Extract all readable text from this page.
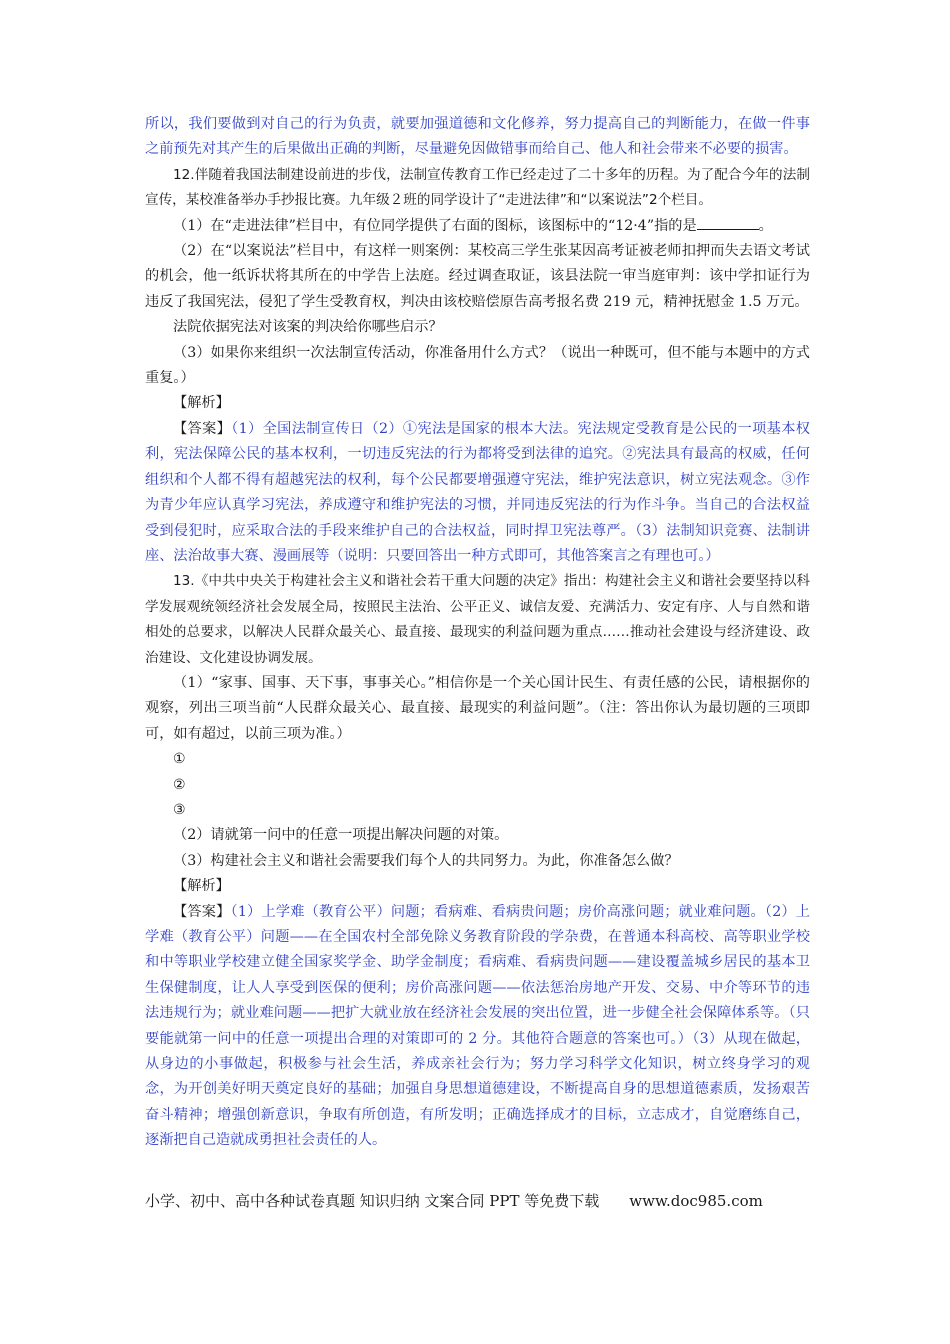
所以，我们要做到对自己的行为负责，就要加强道德和文化修养，努力提高自己的判断能力，在做一件事之前预先对其产生的后果做出正确的判断，尽量避免因做错事而给自己、他人和社会带来不必要的损害。

12.伴随着我国法制建设前进的步伐，法制宣传教育工作已经走过了二十多年的历程。为了配合今年的法制宣传，某校准备举办手抄报比赛。九年级２班的同学设计了“走进法律”和“以案说法”2个栏目。

（1）在“走进法律”栏目中，有位同学提供了右面的图标，该图标中的“12·4”指的是	。

（2）在“以案说法”栏目中，有这样一则案例：某校高三学生张某因高考证被老师扣押而失去语文考试的机会，他一纸诉状将其所在的中学告上法庭。经过调查取证，该县法院一审当庭审判：该中学扣证行为违反了我国宪法，侵犯了学生受教育权，判决由该校赔偿原告高考报名费 219 元，精神抚慰金 1.5 万元。

法院依据宪法对该案的判决给你哪些启示？

（3）如果你来组织一次法制宣传活动，你准备用什么方式？（说出一种既可，但不能与本题中的方式重复。）

【解析】

【答案】（1）全国法制宣传日（2）①宪法是国家的根本大法。宪法规定受教育是公民的一项基本权利，宪法保障公民的基本权利，一切违反宪法的行为都将受到法律的追究。②宪法具有最高的权威，任何组织和个人都不得有超越宪法的权利，每个公民都要增强遵守宪法，维护宪法意识，树立宪法观念。③作为青少年应认真学习宪法，养成遵守和维护宪法的习惯，并同违反宪法的行为作斗争。当自己的合法权益受到侵犯时，应采取合法的手段来维护自己的合法权益，同时捍卫宪法尊严。（3）法制知识竞赛、法制讲座、法治故事大赛、漫画展等（说明：只要回答出一种方式即可，其他答案言之有理也可。）

13.《中共中央关于构建社会主义和谐社会若干重大问题的决定》指出：构建社会主义和谐社会要坚持以科学发展观统领经济社会发展全局，按照民主法治、公平正义、诚信友爱、充满活力、安定有序、人与自然和谐相处的总要求，以解决人民群众最关心、最直接、最现实的利益问题为重点……推动社会建设与经济建设、政治建设、文化建设协调发展。

（1）“家事、国事、天下事，事事关心。”相信你是一个关心国计民生、有责任感的公民，请根据你的观察，列出三项当前“人民群众最关心、最直接、最现实的利益问题”。（注：答出你认为最切题的三项即可，如有超过，以前三项为准。）

①

②

③

（2）请就第一问中的任意一项提出解决问题的对策。

（3）构建社会主义和谐社会需要我们每个人的共同努力。为此，你准备怎么做？

【解析】

【答案】（1）上学难（教育公平）问题；看病难、看病贵问题；房价高涨问题；就业难问题。（2）上学难（教育公平）问题——在全国农村全部免除义务教育阶段的学杂费，在普通本科高校、高等职业学校和中等职业学校建立健全国家奖学金、助学金制度；看病难、看病贵问题——建设覆盖城乡居民的基本卫生保健制度，让人人享受到医保的便利；房价高涨问题——依法惩治房地产开发、交易、中介等环节的违法违规行为；就业难问题——把扩大就业放在经济社会发展的突出位置，进一步健全社会保障体系等。（只要能就第一问中的任意一项提出合理的对策即可的 2 分。其他符合题意的答案也可。）（3）从现在做起，从身边的小事做起，积极参与社会生活，养成亲社会行为；努力学习科学文化知识，树立终身学习的观念，为开创美好明天奠定良好的基础；加强自身思想道德建设，不断提高自身的思想道德素质，发扬艰苦奋斗精神；增强创新意识，争取有所创造，有所发明；正确选择成才的目标，立志成才，自觉磨练自己，逐渐把自己造就成勇担社会责任的人。

小学、初中、高中各种试卷真题 知识归纳 文案合同 PPT 等免费下载 www.doc985.com
